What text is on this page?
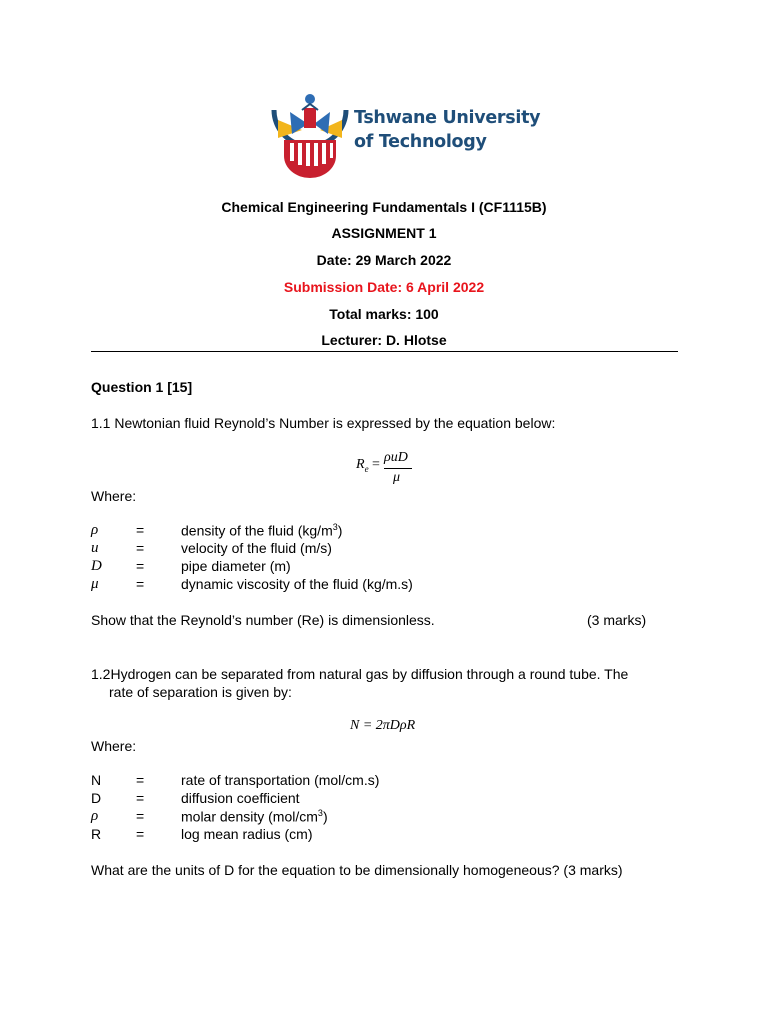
Tshwane University
of Technology
Chemical Engineering Fundamentals I (CF1115B)
ASSIGNMENT 1
Date: 29 March 2022
Submission Date: 6 April 2022
Total marks: 100
Lecturer: D. Hlotse
Question 1 [15]
1.1 Newtonian fluid Reynold’s Number is expressed by the equation below:
$R_e = \rho uD$
μ
Where:
ρ	=	density of the fluid $(kg/m^3)$
u	=	velocity of the fluid (m/s)
D =	pipe diameter (m)
μ	=	dynamic viscosity of the fluid (kg/m.s)
Show that the Reynold’s number (Re) is dimensionless.	(3 marks)
1.2Hydrogen can be separated from natural gas by diffusion through a round tube. The
rate of separation is given by:
N = 2πDρR
Where:
N =	rate of transportation (mol/cm.s)
D =	diffusion coefficient
ρ	=	molar density $(mol/cm^3)$
R =	log mean radius (cm)
What are the units of D for the equation to be dimensionally homogeneous? (3 marks)
